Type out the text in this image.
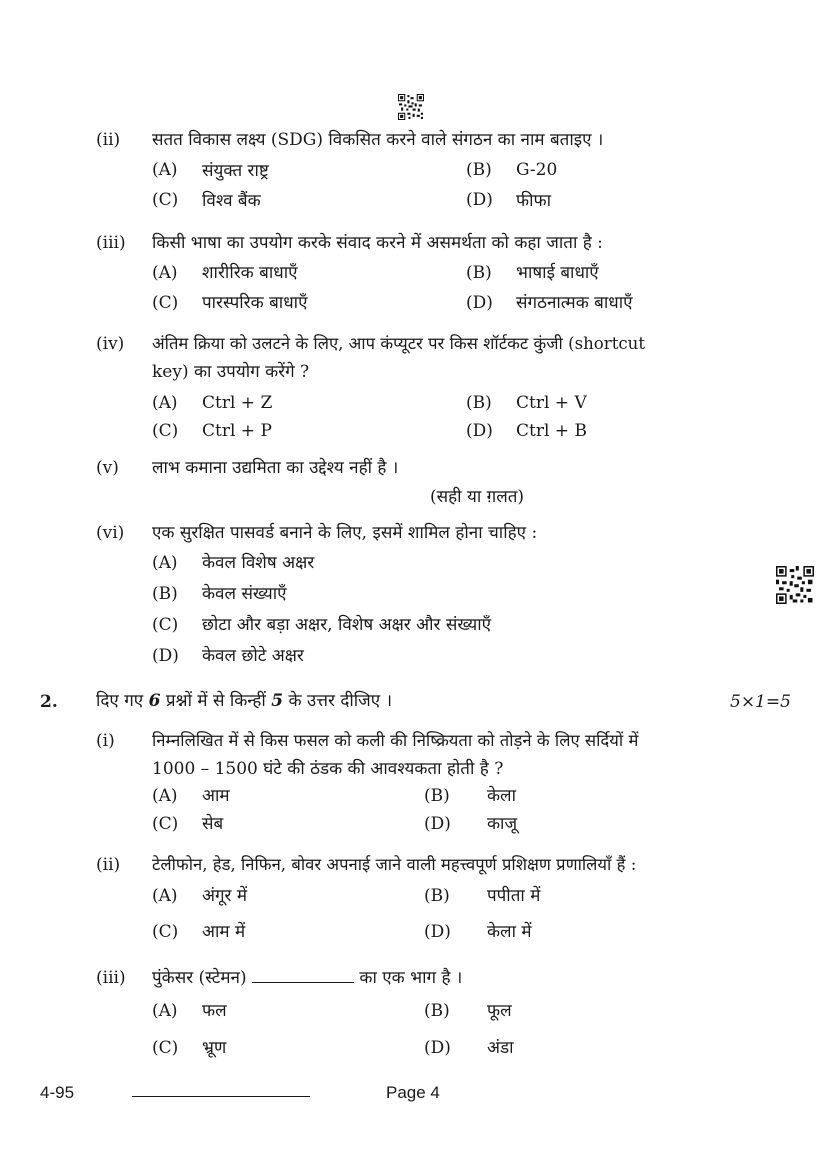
(ii) सतत विकास लक्ष्य (SDG) विकसित करने वाले संगठन का नाम बताइए ।
(A) संयुक्त राष्ट्र	(B) G-20
(C) विश्व बैंक	(D) फीफा
(iii) किसी भाषा का उपयोग करके संवाद करने में असमर्थता को कहा जाता है :
(A) शारीरिक बाधाएँ	(B) भाषाई बाधाएँ
(C) पारस्परिक बाधाएँ	(D) संगठनात्मक बाधाएँ
(iv) अंतिम क्रिया को उलटने के लिए, आप कंप्यूटर पर किस शॉर्टकट कुंजी (shortcut
key) का उपयोग करेंगे ?
(A) Ctrl + Z	(B) Ctrl + V
(C) Ctrl + P	(D) Ctrl + B
(v) लाभ कमाना उद्यमिता का उद्देश्य नहीं है ।
(सही या ग़लत)
(vi) एक सुरक्षित पासवर्ड बनाने के लिए, इसमें शामिल होना चाहिए :
(A) केवल विशेष अक्षर
(B) केवल संख्याएँ
(C) छोटा और बड़ा अक्षर, विशेष अक्षर और संख्याएँ
(D) केवल छोटे अक्षर
2. दिए गए 6 प्रश्नों में से किन्हीं 5 के उत्तर दीजिए ।	5×1=5
(i) निम्नलिखित में से किस फसल को कली की निष्क्रियता को तोड़ने के लिए सर्दियों में
1000 – 1500 घंटे की ठंडक की आवश्यकता होती है ?
(A) आम	(B) केला
(C) सेब	(D) काजू
(ii) टेलीफोन, हेड, निफिन, बोवर अपनाई जाने वाली महत्त्वपूर्ण प्रशिक्षण प्रणालियाँ हैं :
(A) अंगूर में	(B) पपीता में
(C) आम में	(D) केला में
(iii) पुंकेसर (स्टेमन)	का एक भाग है ।
(A) फल	(B) फूल
(C) भ्रूण	(D) अंडा
4-95	Page 4
